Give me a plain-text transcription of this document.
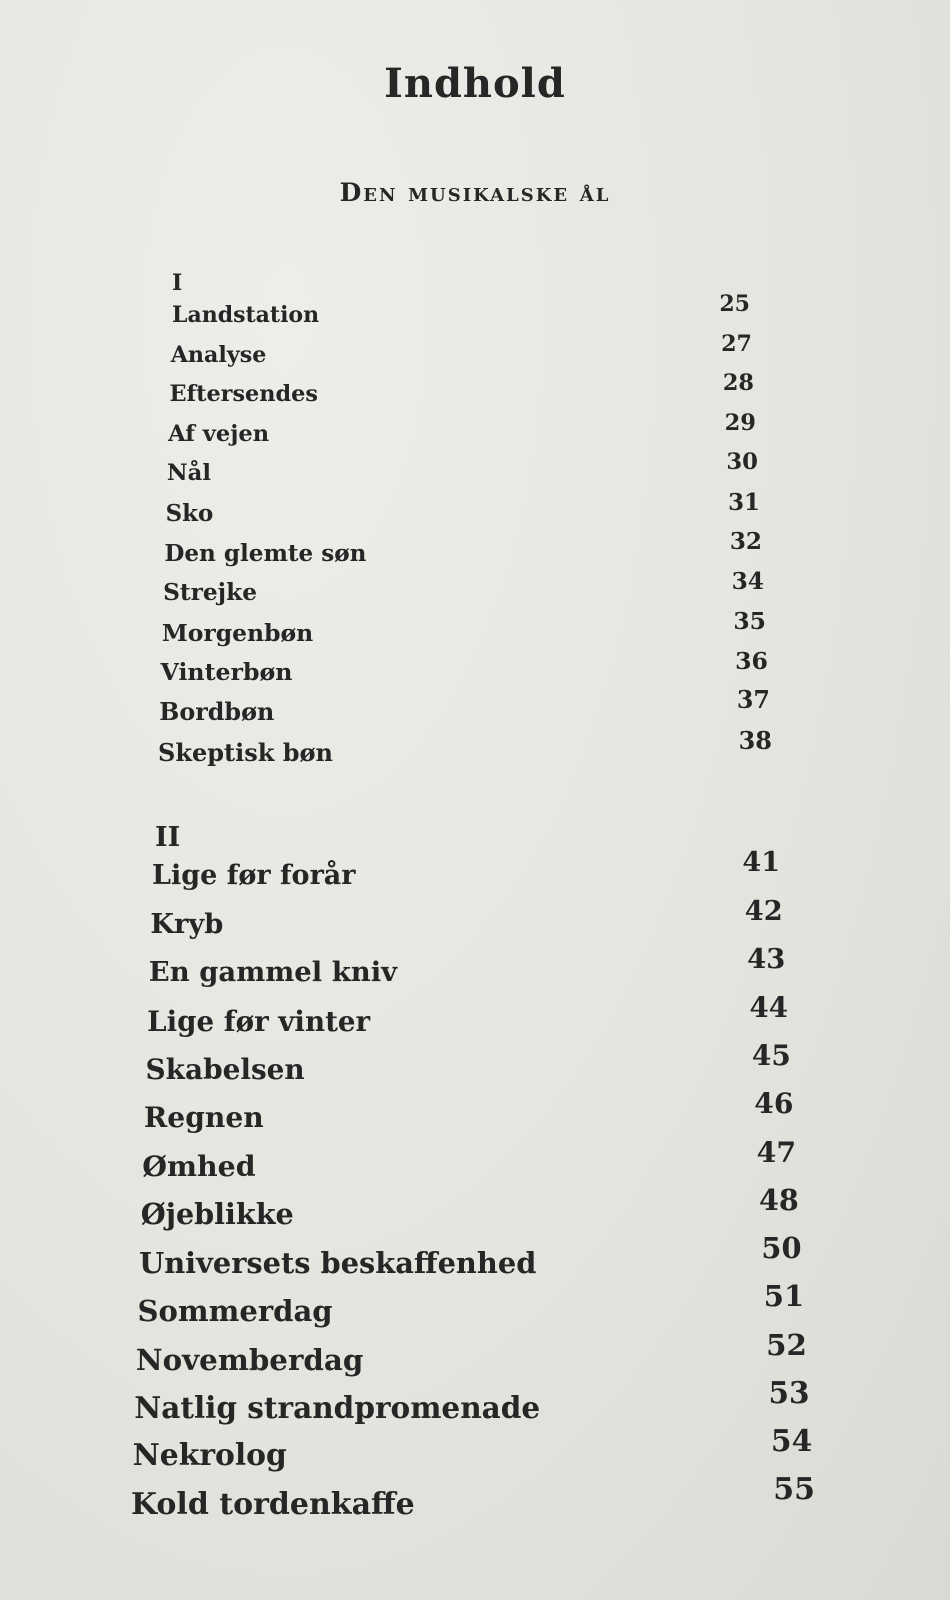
Indhold
Den musikalske ål
I
Landstation	25
Analyse	27
Eftersendes	28
Af vejen	29
Nål	30
Sko	31
Den glemte søn	32
Strejke	34
Morgenbøn	35
Vinterbøn	36
Bordbøn	37
Skeptisk bøn	38
II
Lige før forår	41
Kryb	42
En gammel kniv	43
Lige før vinter	44
Skabelsen	45
Regnen	46
Ømhed	47
Øjeblikke	48
Universets beskaffenhed	50
Sommerdag	51
Novemberdag	52
Natlig strandpromenade	53
Nekrolog	54
Kold tordenkaffe	55
